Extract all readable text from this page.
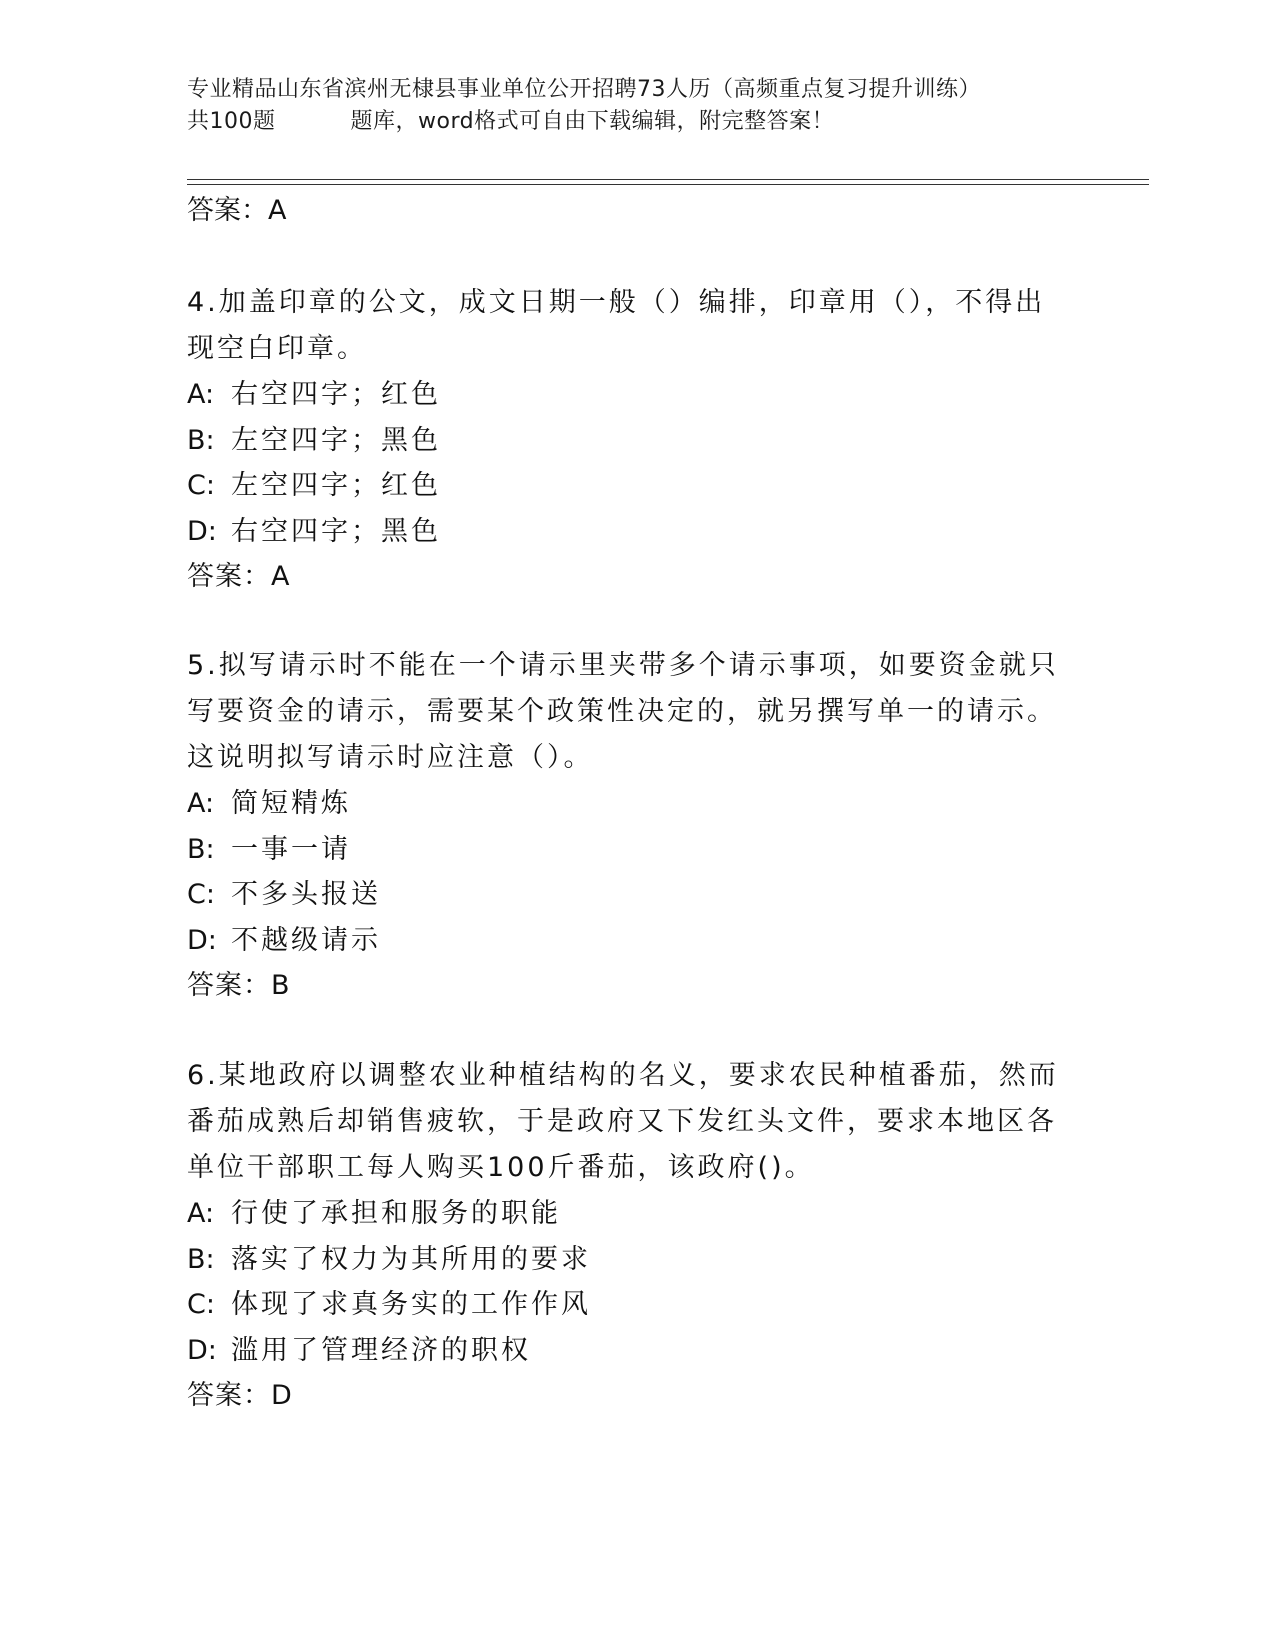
专业精品山东省滨州无棣县事业单位公开招聘73人历（高频重点复习提升训练）
共100题	题库，word格式可自由下载编辑，附完整答案！
答案：A

4.加盖印章的公文，成文日期一般（）编排，印章用（），不得出现空白印章。

A: 右空四字；红色

B: 左空四字；黑色

C: 左空四字；红色

D: 右空四字；黑色

答案：A

5.拟写请示时不能在一个请示里夹带多个请示事项，如要资金就只写要资金的请示，需要某个政策性决定的，就另撰写单一的请示。这说明拟写请示时应注意（）。

A: 简短精炼

B: 一事一请

C: 不多头报送

D: 不越级请示

答案：B

6.某地政府以调整农业种植结构的名义，要求农民种植番茄，然而番茄成熟后却销售疲软，于是政府又下发红头文件，要求本地区各单位干部职工每人购买100斤番茄，该政府()。

A: 行使了承担和服务的职能

B: 落实了权力为其所用的要求

C: 体现了求真务实的工作作风

D: 滥用了管理经济的职权

答案：D
